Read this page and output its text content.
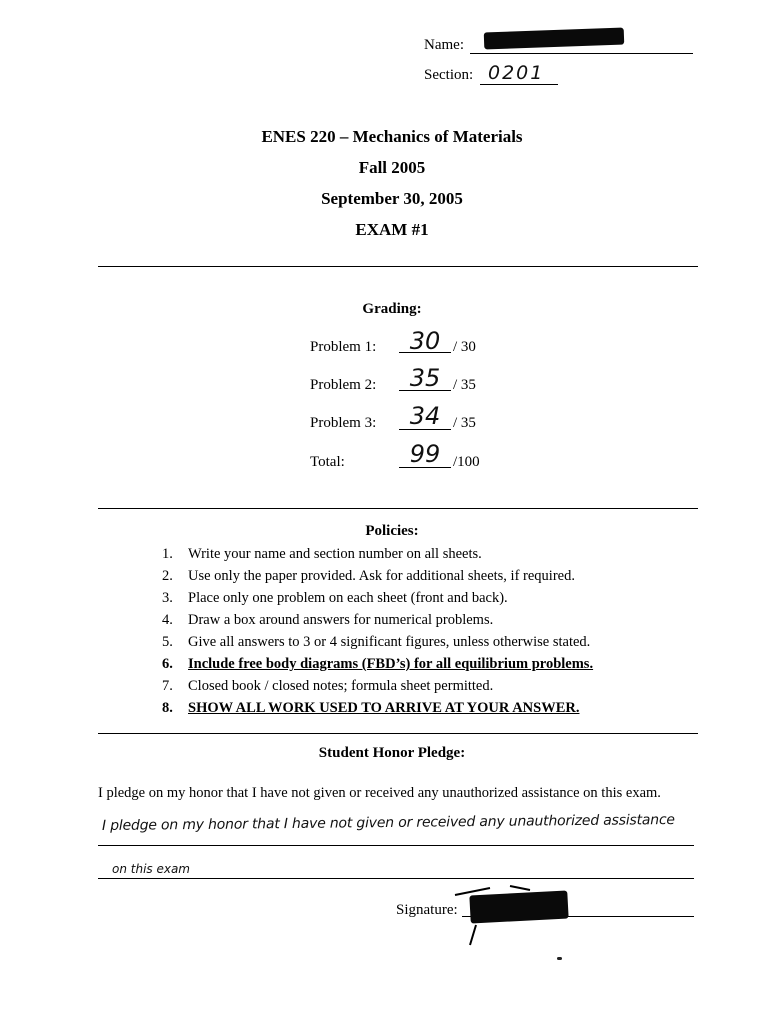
Name:
Section: 0201
ENES 220 – Mechanics of Materials
Fall 2005
September 30, 2005
EXAM #1
Grading:
Problem 1:	30 / 30
Problem 2:	35 / 35
Problem 3:	34 / 35
Total:	99 /100
Policies:
1. Write your name and section number on all sheets.
2. Use only the paper provided. Ask for additional sheets, if required.
3. Place only one problem on each sheet (front and back).
4. Draw a box around answers for numerical problems.
5. Give all answers to 3 or 4 significant figures, unless otherwise stated.
6. Include free body diagrams (FBD’s) for all equilibrium problems.
7. Closed book / closed notes; formula sheet permitted.
8. SHOW ALL WORK USED TO ARRIVE AT YOUR ANSWER.
Student Honor Pledge:
I pledge on my honor that I have not given or received any unauthorized assistance on this exam.
I pledge on my honor that I have not given or received any unauthorized assistance
on this exam
Signature:
